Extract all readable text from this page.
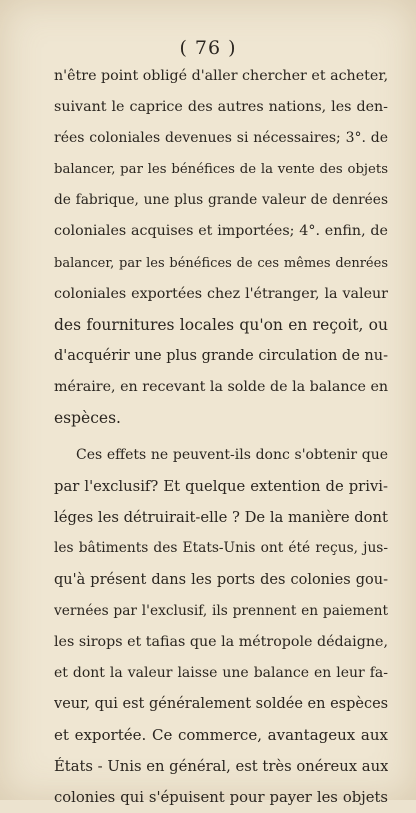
( 76 )
n'être point obligé d'aller chercher et acheter,
suivant le caprice des autres nations, les den-
rées coloniales devenues si nécessaires; 3°. de
balancer, par les bénéfices de la vente des objets
de fabrique, une plus grande valeur de denrées
coloniales acquises et importées; 4°. enfin, de
balancer, par les bénéfices de ces mêmes denrées
coloniales exportées chez l'étranger, la valeur
des fournitures locales qu'on en reçoit, ou
d'acquérir une plus grande circulation de nu-
méraire, en recevant la solde de la balance en
espèces.
Ces effets ne peuvent-ils donc s'obtenir que
par l'exclusif? Et quelque extention de privi-
léges les détruirait-elle ? De la manière dont
les bâtiments des Etats-Unis ont été reçus, jus-
qu'à présent dans les ports des colonies gou-
vernées par l'exclusif, ils prennent en paiement
les sirops et tafias que la métropole dédaigne,
et dont la valeur laisse une balance en leur fa-
veur, qui est généralement soldée en espèces
et exportée. Ce commerce, avantageux aux
États - Unis en général, est très onéreux aux
colonies qui s'épuisent pour payer les objets
